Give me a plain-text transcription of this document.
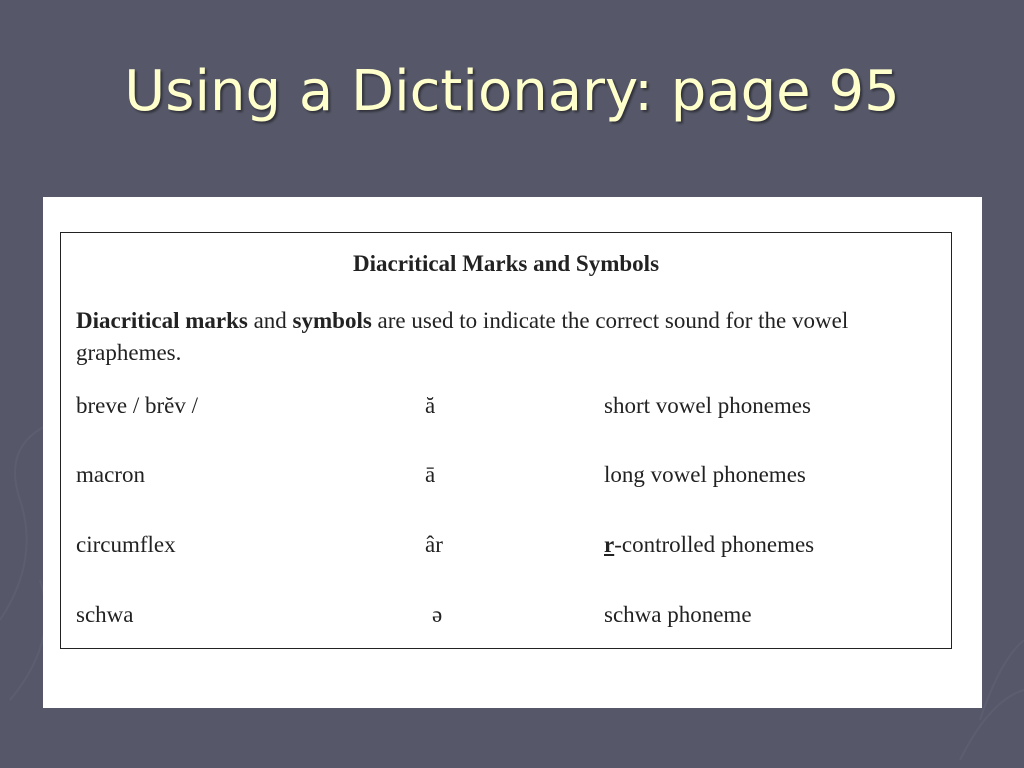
Using a Dictionary: page 95
Diacritical Marks and Symbols
Diacritical marks and symbols are used to indicate the correct sound for the vowel graphemes.
breve / brĕv /	ă	short vowel phonemes
macron	ā	long vowel phonemes
circumflex	âr	r-controlled phonemes
schwa	ə	schwa phoneme
